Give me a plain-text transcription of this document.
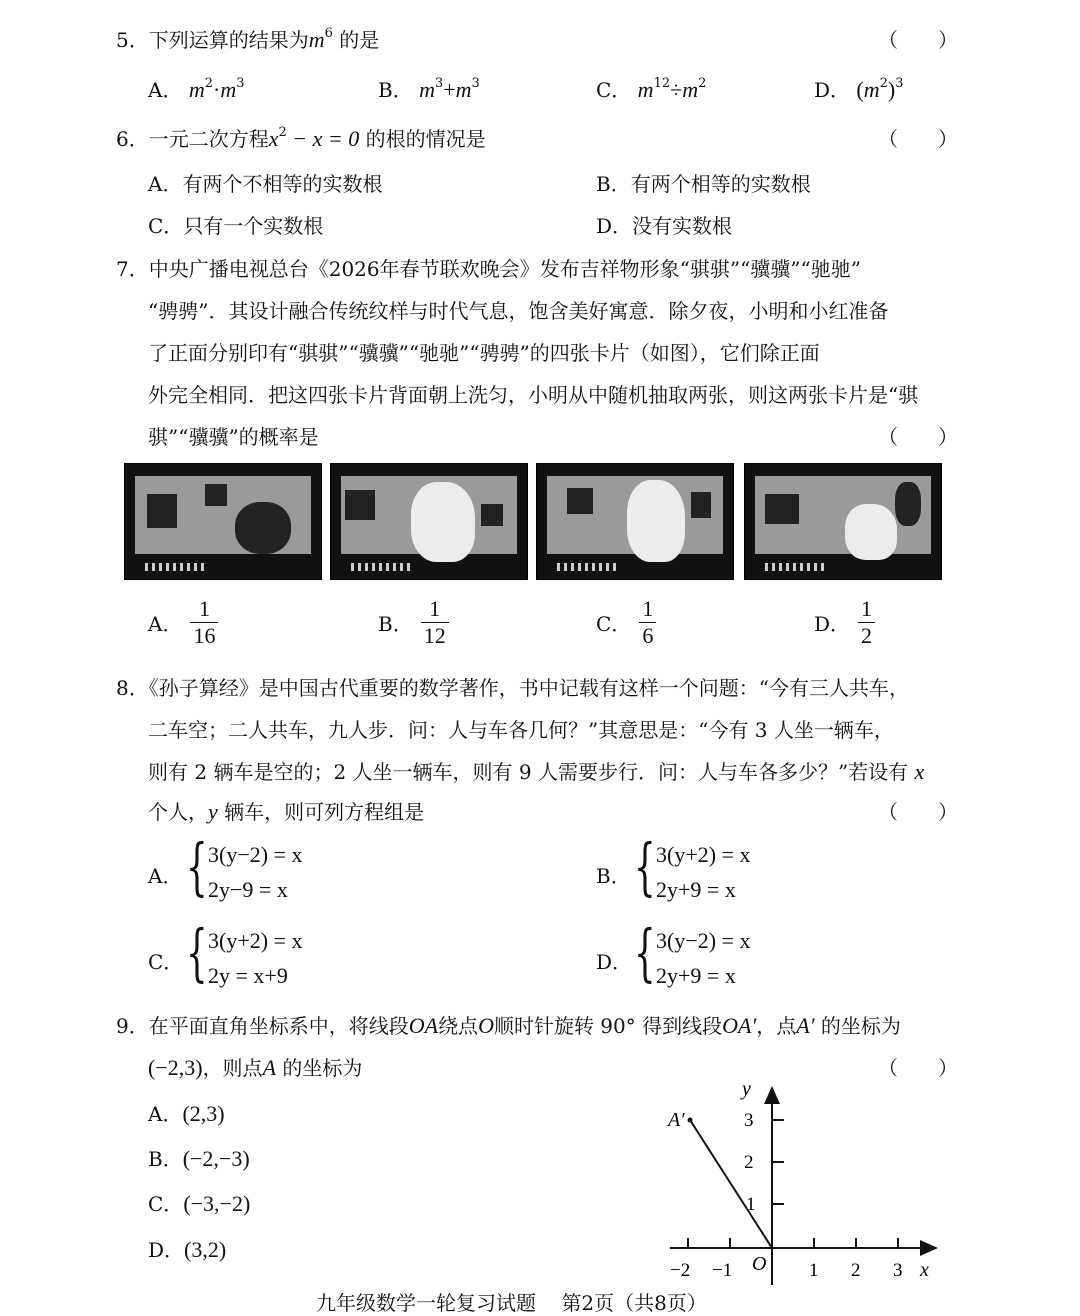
5．下列运算的结果为$m^6$ 的是	（　　）
A． $m^2\cdot m^3$	B． $m^3+m^3$	C． $m^{12}\div m^2$	D． $(m^2)^3$
6．一元二次方程$x^2 - x = 0$ 的根的情况是	（　　）
A．有两个不相等的实数根	B．有两个相等的实数根
C．只有一个实数根	D．没有实数根
7．中央广播电视总台《2026年春节联欢晚会》发布吉祥物形象“骐骐”“骥骥”“驰驰”
“骋骋”．其设计融合传统纹样与时代气息，饱含美好寓意．除夕夜，小明和小红准备
了正面分别印有“骐骐”“骥骥”“驰驰”“骋骋”的四张卡片（如图），它们除正面
外完全相同．把这四张卡片背面朝上洗匀，小明从中随机抽取两张，则这两张卡片是“骐
骐”“骥骥”的概率是	（　　）
A． $\frac{1}{16}$	B． $\frac{1}{12}$	C． $\frac{1}{6}$	D． $\frac{1}{2}$
8．《孙子算经》是中国古代重要的数学著作，书中记载有这样一个问题：“今有三人共车，
二车空；二人共车，九人步．问：人与车各几何？”其意思是：“今有 3 人坐一辆车，
则有 2 辆车是空的；2 人坐一辆车，则有 9 人需要步行．问：人与车各多少？”若设有 x
个人，y 辆车，则可列方程组是	（　　）
A． { 3(y−2) = x
2y−9 = x
B． { 3(y+2) = x
2y+9 = x
C． { 3(y+2) = x
2y = x+9
D． { 3(y−2) = x
2y+9 = x
9．在平面直角坐标系中，将线段OA绕点O顺时针旋转 90° 得到线段OA′，点A′ 的坐标为
(−2,3)，则点A 的坐标为	（　　）
A．(2,3)
B．(−2,−3)
C．(−3,−2)
D．(3,2)
A′
y
x
O
3
2
1
−2 −1	1 2 3
九年级数学一轮复习试题 第2页（共8页）
